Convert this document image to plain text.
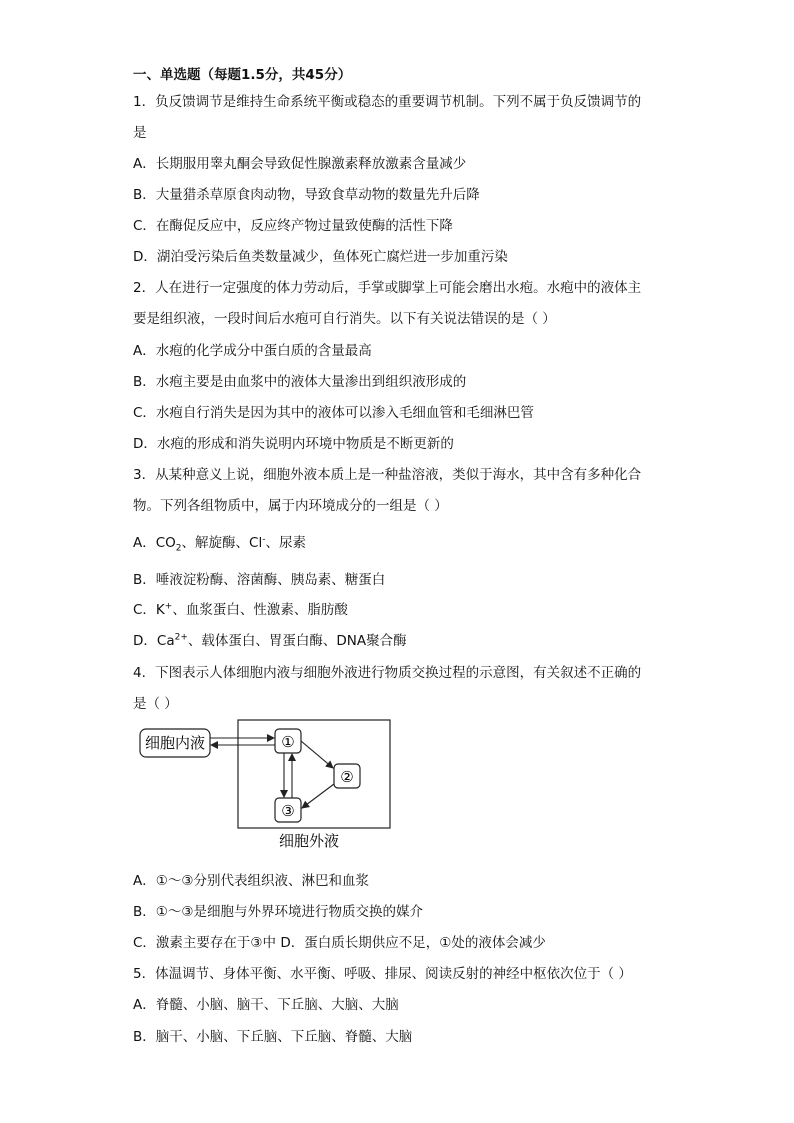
一、单选题（每题1.5分，共45分）
1．负反馈调节是维持生命系统平衡或稳态的重要调节机制。下列不属于负反馈调节的
是
A．长期服用睾丸酮会导致促性腺激素释放激素含量减少
B．大量猎杀草原食肉动物，导致食草动物的数量先升后降
C．在酶促反应中，反应终产物过量致使酶的活性下降
D．湖泊受污染后鱼类数量减少，鱼体死亡腐烂进一步加重污染
2．人在进行一定强度的体力劳动后，手掌或脚掌上可能会磨出水疱。水疱中的液体主
要是组织液，一段时间后水疱可自行消失。以下有关说法错误的是（ ）
A．水疱的化学成分中蛋白质的含量最高
B．水疱主要是由血浆中的液体大量渗出到组织液形成的
C．水疱自行消失是因为其中的液体可以渗入毛细血管和毛细淋巴管
D．水疱的形成和消失说明内环境中物质是不断更新的
3．从某种意义上说，细胞外液本质上是一种盐溶液，类似于海水，其中含有多种化合
物。下列各组物质中，属于内环境成分的一组是（ ）
A．$CO_2$、解旋酶、Cl-、尿素
B．唾液淀粉酶、溶菌酶、胰岛素、糖蛋白
C．K+、血浆蛋白、性激素、脂肪酸
D．$Ca^{2+}$、载体蛋白、胃蛋白酶、DNA聚合酶
4．下图表示人体细胞内液与细胞外液进行物质交换过程的示意图，有关叙述不正确的
是（ ）
细胞内液	①
②
③
细胞外液
A．①～③分别代表组织液、淋巴和血浆
B．①～③是细胞与外界环境进行物质交换的媒介
C．激素主要存在于③中 D．蛋白质长期供应不足，①处的液体会减少
5．体温调节、身体平衡、水平衡、呼吸、排尿、阅读反射的神经中枢依次位于（ ）
A．脊髓、小脑、脑干、下丘脑、大脑、大脑
B．脑干、小脑、下丘脑、下丘脑、脊髓、大脑
